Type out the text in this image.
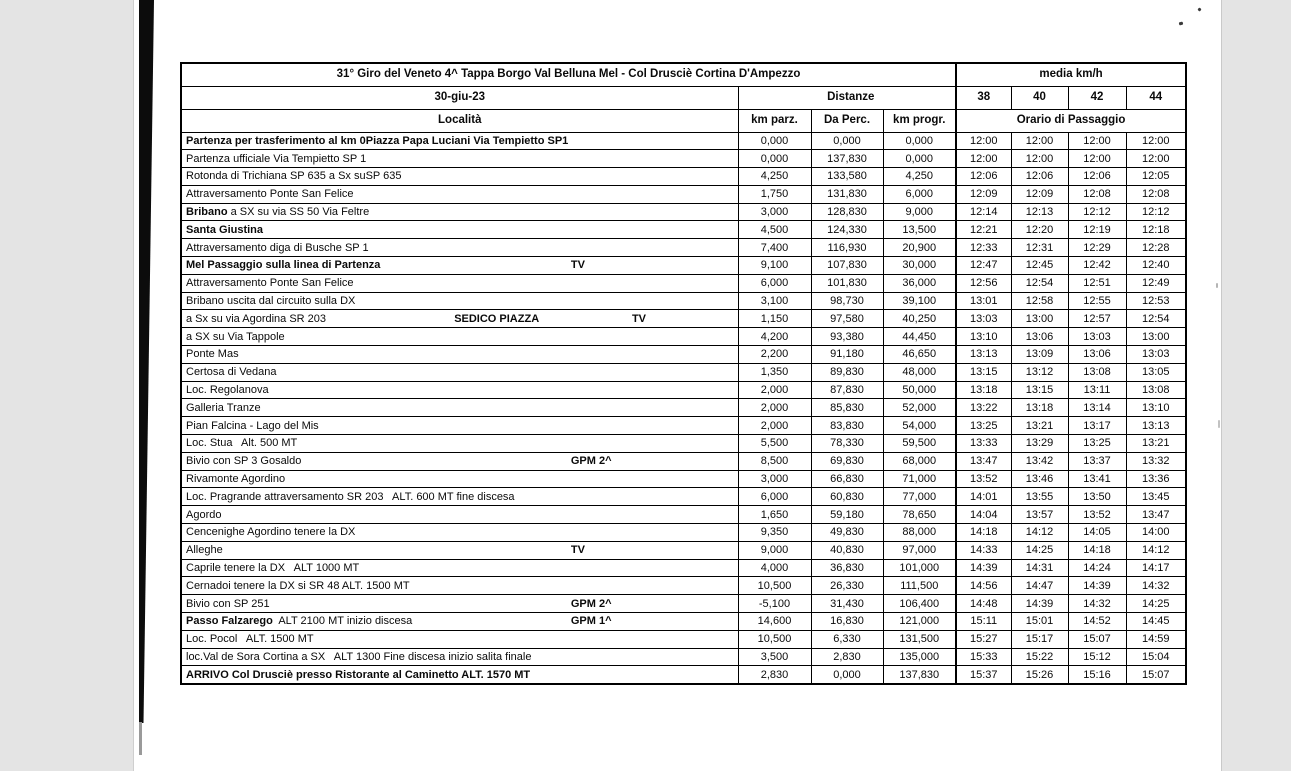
31° Giro del Veneto 4^ Tappa Borgo Val Belluna Mel - Col Drusciè Cortina D'Ampezzo				media km/h			
30-giu-23	Distanze			38	40	42	44
Località	km parz.	Da Perc.	km progr.	Orario di Passaggio			
Partenza per trasferimento al km 0Piazza Papa Luciani Via Tempietto SP1	0,000	0,000	0,000	12:00	12:00	12:00	12:00
Partenza ufficiale Via Tempietto SP 1	0,000	137,830	0,000	12:00	12:00	12:00	12:00
Rotonda di Trichiana SP 635 a Sx suSP 635	4,250	133,580	4,250	12:06	12:06	12:06	12:05
Attraversamento Ponte San Felice	1,750	131,830	6,000	12:09	12:09	12:08	12:08
Bribano a SX su via SS 50 Via Feltre	3,000	128,830	9,000	12:14	12:13	12:12	12:12
Santa Giustina	4,500	124,330	13,500	12:21	12:20	12:19	12:18
Attraversamento diga di Busche SP 1	7,400	116,930	20,900	12:33	12:31	12:29	12:28
Mel Passaggio sulla linea di Partenza TV	9,100	107,830	30,000	12:47	12:45	12:42	12:40
Attraversamento Ponte San Felice	6,000	101,830	36,000	12:56	12:54	12:51	12:49
Bribano uscita dal circuito sulla DX	3,100	98,730	39,100	13:01	12:58	12:55	12:53
a Sx su via Agordina SR 203 SEDICO PIAZZA TV	1,150	97,580	40,250	13:03	13:00	12:57	12:54
a SX su Via Tappole	4,200	93,380	44,450	13:10	13:06	13:03	13:00
Ponte Mas	2,200	91,180	46,650	13:13	13:09	13:06	13:03
Certosa di Vedana	1,350	89,830	48,000	13:15	13:12	13:08	13:05
Loc. Regolanova	2,000	87,830	50,000	13:18	13:15	13:11	13:08
Galleria Tranze	2,000	85,830	52,000	13:22	13:18	13:14	13:10
Pian Falcina - Lago del Mis	2,000	83,830	54,000	13:25	13:21	13:17	13:13
Loc. Stua   Alt. 500 MT	5,500	78,330	59,500	13:33	13:29	13:25	13:21
Bivio con SP 3 Gosaldo GPM 2^	8,500	69,830	68,000	13:47	13:42	13:37	13:32
Rivamonte Agordino	3,000	66,830	71,000	13:52	13:46	13:41	13:36
Loc. Pragrande attraversamento SR 203   ALT. 600 MT fine discesa	6,000	60,830	77,000	14:01	13:55	13:50	13:45
Agordo	1,650	59,180	78,650	14:04	13:57	13:52	13:47
Cencenighe Agordino tenere la DX	9,350	49,830	88,000	14:18	14:12	14:05	14:00
Alleghe TV	9,000	40,830	97,000	14:33	14:25	14:18	14:12
Caprile tenere la DX   ALT 1000 MT	4,000	36,830	101,000	14:39	14:31	14:24	14:17
Cernadoi tenere la DX si SR 48 ALT. 1500 MT	10,500	26,330	111,500	14:56	14:47	14:39	14:32
Bivio con SP 251 GPM 2^	-5,100	31,430	106,400	14:48	14:39	14:32	14:25
Passo Falzarego  ALT 2100 MT inizio discesa GPM 1^	14,600	16,830	121,000	15:11	15:01	14:52	14:45
Loc. Pocol   ALT. 1500 MT	10,500	6,330	131,500	15:27	15:17	15:07	14:59
loc.Val de Sora Cortina a SX   ALT 1300 Fine discesa inizio salita finale	3,500	2,830	135,000	15:33	15:22	15:12	15:04
ARRIVO Col Drusciè presso Ristorante al Caminetto ALT. 1570 MT	2,830	0,000	137,830	15:37	15:26	15:16	15:07
